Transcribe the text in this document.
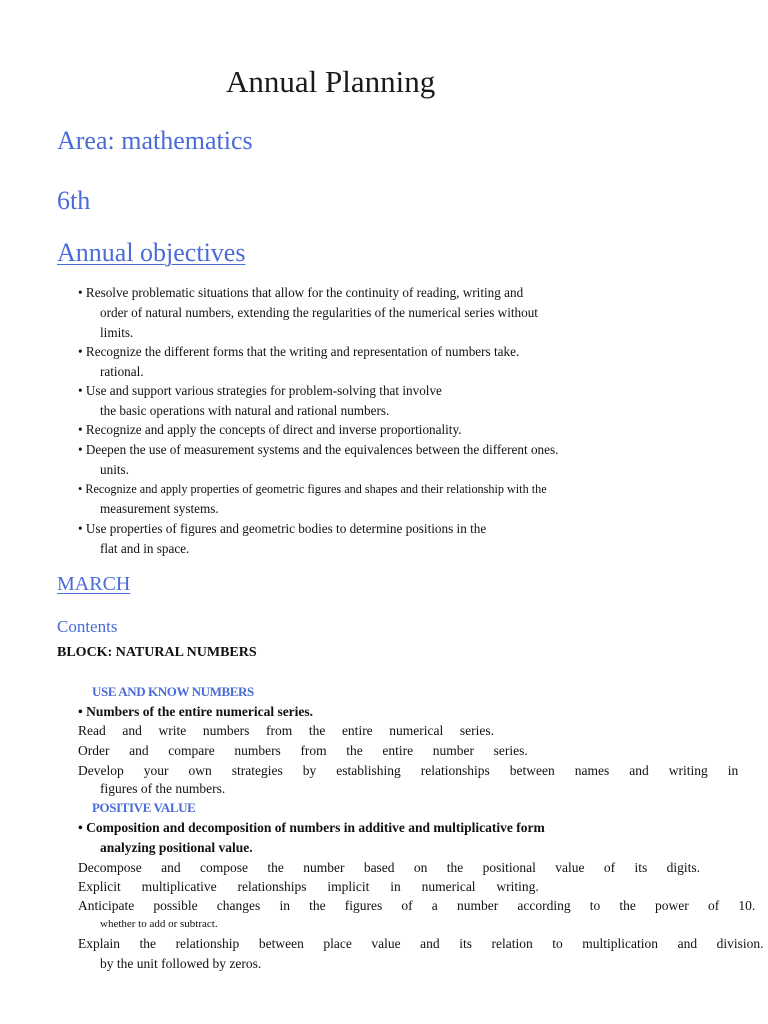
Annual Planning
Area: mathematics
6th
Annual objectives
• Resolve problematic situations that allow for the continuity of reading, writing and
order of natural numbers, extending the regularities of the numerical series without
limits.
• Recognize the different forms that the writing and representation of numbers take.
rational.
• Use and support various strategies for problem-solving that involve
the basic operations with natural and rational numbers.
• Recognize and apply the concepts of direct and inverse proportionality.
• Deepen the use of measurement systems and the equivalences between the different ones.
units.
• Recognize and apply properties of geometric figures and shapes and their relationship with the
measurement systems.
• Use properties of figures and geometric bodies to determine positions in the
flat and in space.
MARCH
Contents
BLOCK: NATURAL NUMBERS
USE AND KNOW NUMBERS
• Numbers of the entire numerical series.
Read and write numbers from the entire numerical series.
Order and compare numbers from the entire number series.
Develop your own strategies by establishing relationships between names and writing in
figures of the numbers.
POSITIVE VALUE
• Composition and decomposition of numbers in additive and multiplicative form
analyzing positional value.
Decompose and compose the number based on the positional value of its digits.
Explicit multiplicative relationships implicit in numerical writing.
Anticipate possible changes in the figures of a number according to the power of 10.
whether to add or subtract.
Explain the relationship between place value and its relation to multiplication and division.
by the unit followed by zeros.
